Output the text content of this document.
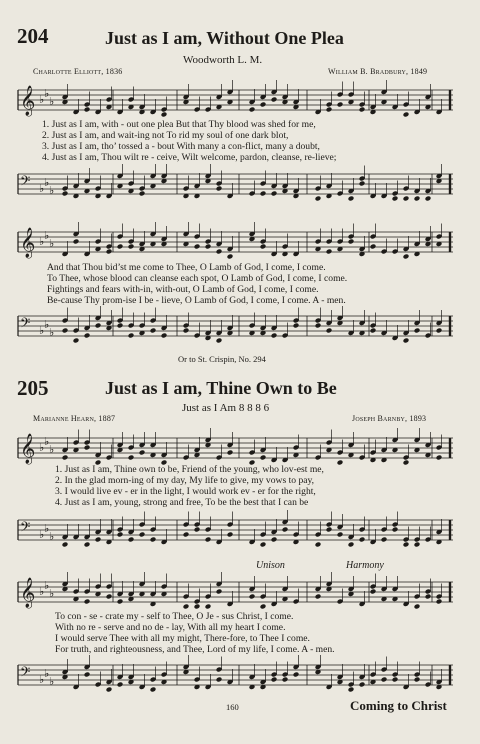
204	Just as I am, Without One Plea
Woodworth L. M.
Charlotte Elliott, 1836	William B. Bradbury, 1849
𝄞 ♭ ♭
♭
1. Just as I am, with - out one plea But that Thy blood was shed for me,
2. Just as I am, and wait-ing not To rid my soul of one dark blot,
3. Just as I am, tho’ tossed a - bout With many a con-flict, many a doubt,
4. Just as I am, Thou wilt re - ceive, Wilt welcome, pardon, cleanse, re-lieve;
𝄢 ♭ ♭
♭
𝄞 ♭ ♭
♭
And that Thou bid’st me come to Thee, O Lamb of God, I come, I come.
To Thee, whose blood can cleanse each spot, O Lamb of God, I come, I come.
Fightings and fears with-in, with-out, O Lamb of God, I come, I come.
Be-cause Thy prom-ise I be - lieve, O Lamb of God, I come, I come. A - men.
𝄢 ♭ ♭
♭
Or to St. Crispin, No. 294
205	Just as I am, Thine Own to Be
Just as I Am 8 8 8 6
Marianne Hearn, 1887	Joseph Barnby, 1893
𝄞 ♭ ♭
♭
1. Just as I am, Thine own to be, Friend of the young, who lov-est me,
2. In the glad morn-ing of my day, My life to give, my vows to pay,
3. I would live ev - er in the light, I would work ev - er for the right,
4. Just as I am, young, strong and free, To be the best that I can be
𝄢 ♭ ♭
♭
Unison	Harmony
𝄞 ♭ ♭
♭
To con - se - crate my - self to Thee, O Je - sus Christ, I come.
With no re - serve and no de - lay, With all my heart I come.
I would serve Thee with all my might, There-fore, to Thee I come.
For truth, and righteousness, and Thee, Lord of my life, I come. A - men.
𝄢 ♭ ♭
♭
160	Coming to Christ
